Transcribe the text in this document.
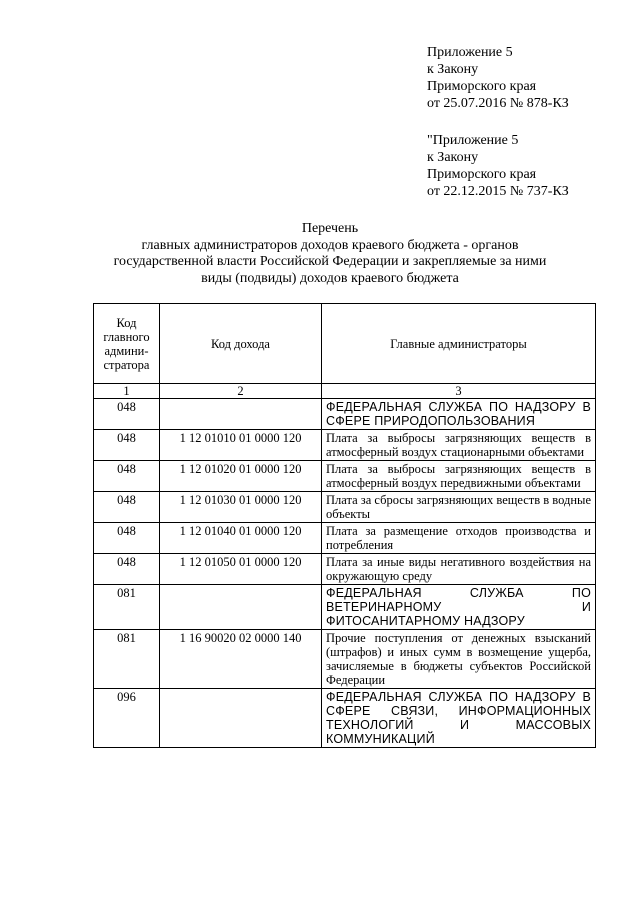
Приложение 5
к Закону
Приморского края
от 25.07.2016 № 878-КЗ
"Приложение 5
к Закону
Приморского края
от 22.12.2015 № 737-КЗ
Перечень
главных администраторов доходов краевого бюджета - органов
государственной власти Российской Федерации и закрепляемые за ними
виды (подвиды) доходов краевого бюджета
Код главного админи-стратора	Код дохода	Главные администраторы
1	2	3
048		ФЕДЕРАЛЬНАЯ СЛУЖБА ПО НАДЗОРУ В СФЕРЕ ПРИРОДОПОЛЬЗОВАНИЯ
048	1 12 01010 01 0000 120	Плата за выбросы загрязняющих веществ в атмосферный воздух стационарными объектами
048	1 12 01020 01 0000 120	Плата за выбросы загрязняющих веществ в атмосферный воздух передвижными объектами
048	1 12 01030 01 0000 120	Плата за сбросы загрязняющих веществ в водные объекты
048	1 12 01040 01 0000 120	Плата за размещение отходов производства и потребления
048	1 12 01050 01 0000 120	Плата за иные виды негативного воздействия на окружающую среду
081		ФЕДЕРАЛЬНАЯ СЛУЖБА ПО ВЕТЕРИНАРНОМУ И ФИТОСАНИТАРНОМУ НАДЗОРУ
081	1 16 90020 02 0000 140	Прочие поступления от денежных взысканий (штрафов) и иных сумм в возмещение ущерба, зачисляемые в бюджеты субъектов Российской Федерации
096		ФЕДЕРАЛЬНАЯ СЛУЖБА ПО НАДЗОРУ В СФЕРЕ СВЯЗИ, ИНФОРМАЦИОННЫХ ТЕХНОЛОГИЙ И МАССОВЫХ КОММУНИКАЦИЙ
